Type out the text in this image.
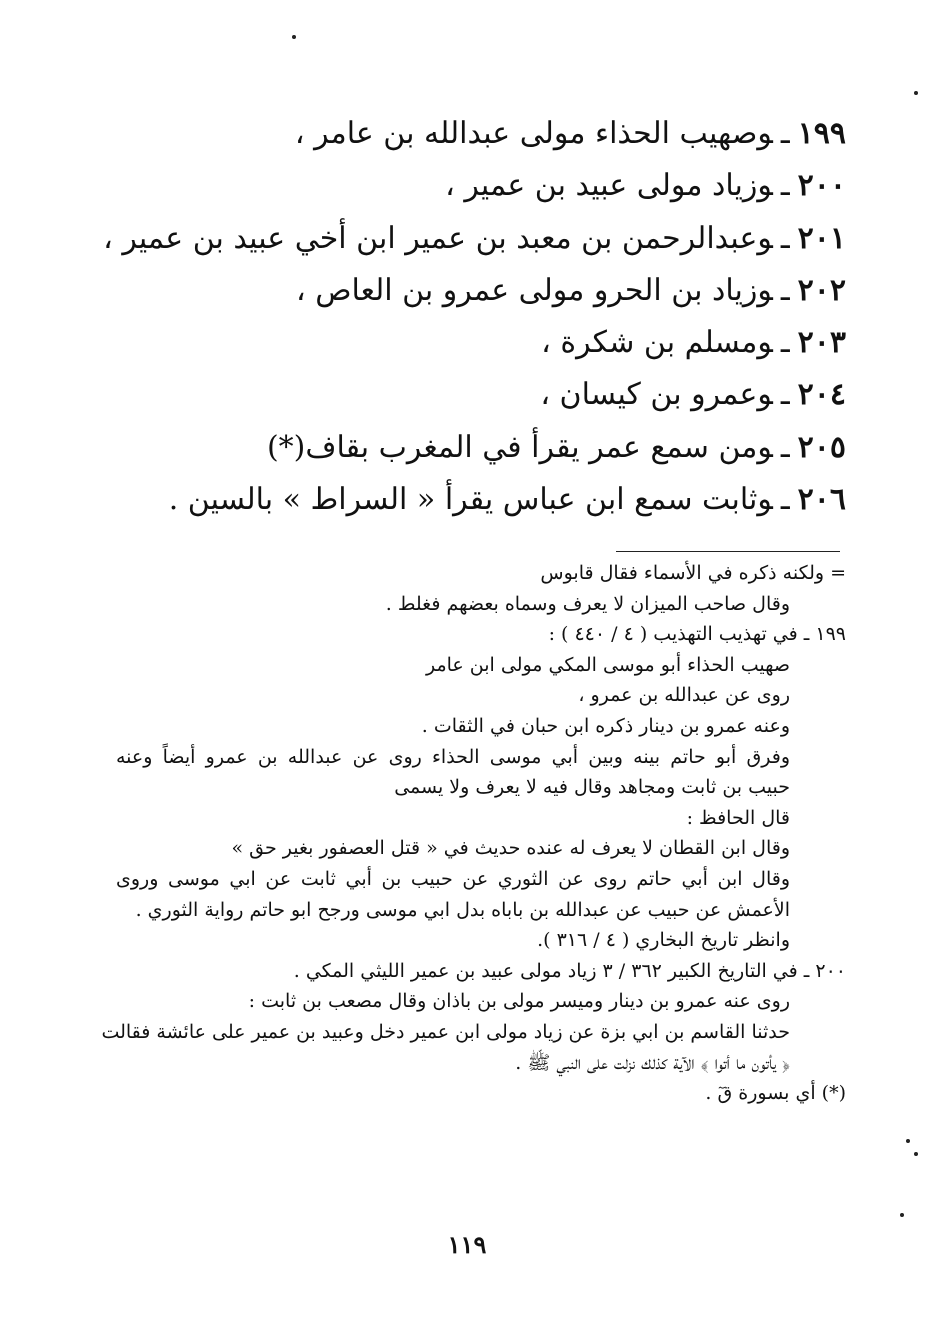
١٩٩ـوصهيب الحذاء مولى عبدالله بن عامر ،
٢٠٠ـوزياد مولى عبيد بن عمير ،
٢٠١ـوعبدالرحمن بن معبد بن عمير ابن أخي عبيد بن عمير ،
٢٠٢ـوزياد بن الحرو مولى عمرو بن العاص ،
٢٠٣ـومسلم بن شكرة ،
٢٠٤ـوعمرو بن كيسان ،
٢٠٥ـومن سمع عمر يقرأ في المغرب بقاف(*)
٢٠٦ـوثابت سمع ابن عباس يقرأ « السراط » بالسين .
= ولكنه ذكره في الأسماء فقال قابوس
وقال صاحب الميزان لا يعرف وسماه بعضهم فغلط .
١٩٩ ـ في تهذيب التهذيب ( ٤ / ٤٤٠ ) :
صهيب الحذاء أبو موسى المكي مولى ابن عامر
روى عن عبدالله بن عمرو ،
وعنه عمرو بن دينار ذكره ابن حبان في الثقات .
وفرق أبو حاتم بينه وبين أبي موسى الحذاء روى عن عبدالله بن عمرو أيضاً وعنه
حبيب بن ثابت ومجاهد وقال فيه لا يعرف ولا يسمى
قال الحافظ :
وقال ابن القطان لا يعرف له عنده حديث في « قتل العصفور بغير حق »
وقال ابن أبي حاتم روى عن الثوري عن حبيب بن أبي ثابت عن ابي موسى وروى
الأعمش عن حبيب عن عبدالله بن باباه بدل ابي موسى ورجح ابو حاتم رواية الثوري .
وانظر تاريخ البخاري ( ٤ / ٣١٦ ).
٢٠٠ ـ في التاريخ الكبير ٣٦٢ / ٣ زياد مولى عبيد بن عمير الليثي المكي .
روى عنه عمرو بن دينار وميسر مولى بن باذان وقال مصعب بن ثابت :
حدثنا القاسم بن ابي بزة عن زياد مولى ابن عمير دخل وعبيد بن عمير على عائشة فقالت
﴿ يأتون ما أتوا ﴾ الآية كذلك نزلت على النبي ﷺ .
(*) أي بسورة قٓ .
١١٩
